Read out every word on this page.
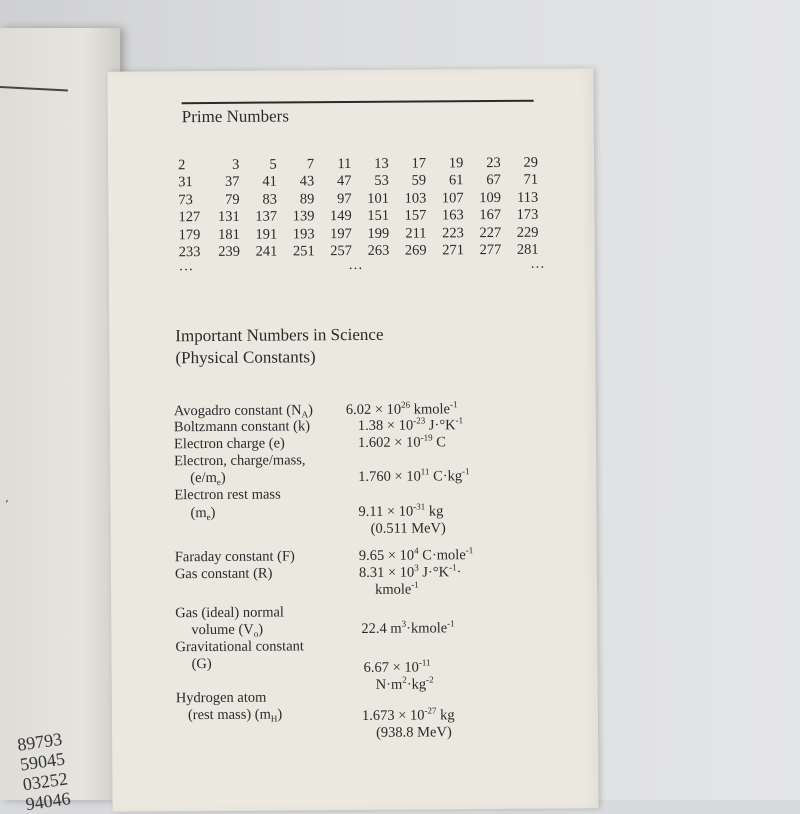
’
89793
59045
03252
94046
Prime Numbers
2	3	5	7	11	13	17	19	23	29
31	37	41	43	47	53	59	61	67	71
73	79	83	89	97	101	103	107	109	113
127	131	137	139	149	151	157	163	167	173
179	181	191	193	197	199	211	223	227	229
233	239	241	251	257	263	269	271	277	281
…	…	…
Important Numbers in Science
(Physical Constants)
Avogadro constant $(N_A) 6.02 \times 10^{26}$ kmole$^{-1}$
Boltzmann constant (k)	$1.38 \times 10^{-23}$ $J\cdot^\circ K^{-1}$
Electron charge (e)	$1.602 \times 10^{-19}$ C
Electron, charge/mass,
$(e/m_e)$	$1.760 \times 10^{11}$ $C\cdot kg^{-1}$
Electron rest mass
$(m_e)$	$9.11 \times 10^{-31}$ kg
(0.511 MeV)
Faraday constant (F)	$9.65 \times 10^4$ C·mole$^{-1}$
Gas constant (R)	$8.31 \times 10^3$ $J\cdot^\circ K^{-1}\cdot$
kmole$^{-1}$
Gas (ideal) normal
volume $(V_o)$	22.4 $m^3\cdot kmole^{-1}$
Gravitational constant
(G)	$6.67 \times 10^{-11}$
$N\cdot m^2\cdot kg^{-2}$
Hydrogen atom
(rest mass) $(m_H)$	$1.673 \times 10^{-27}$ kg
(938.8 MeV)
